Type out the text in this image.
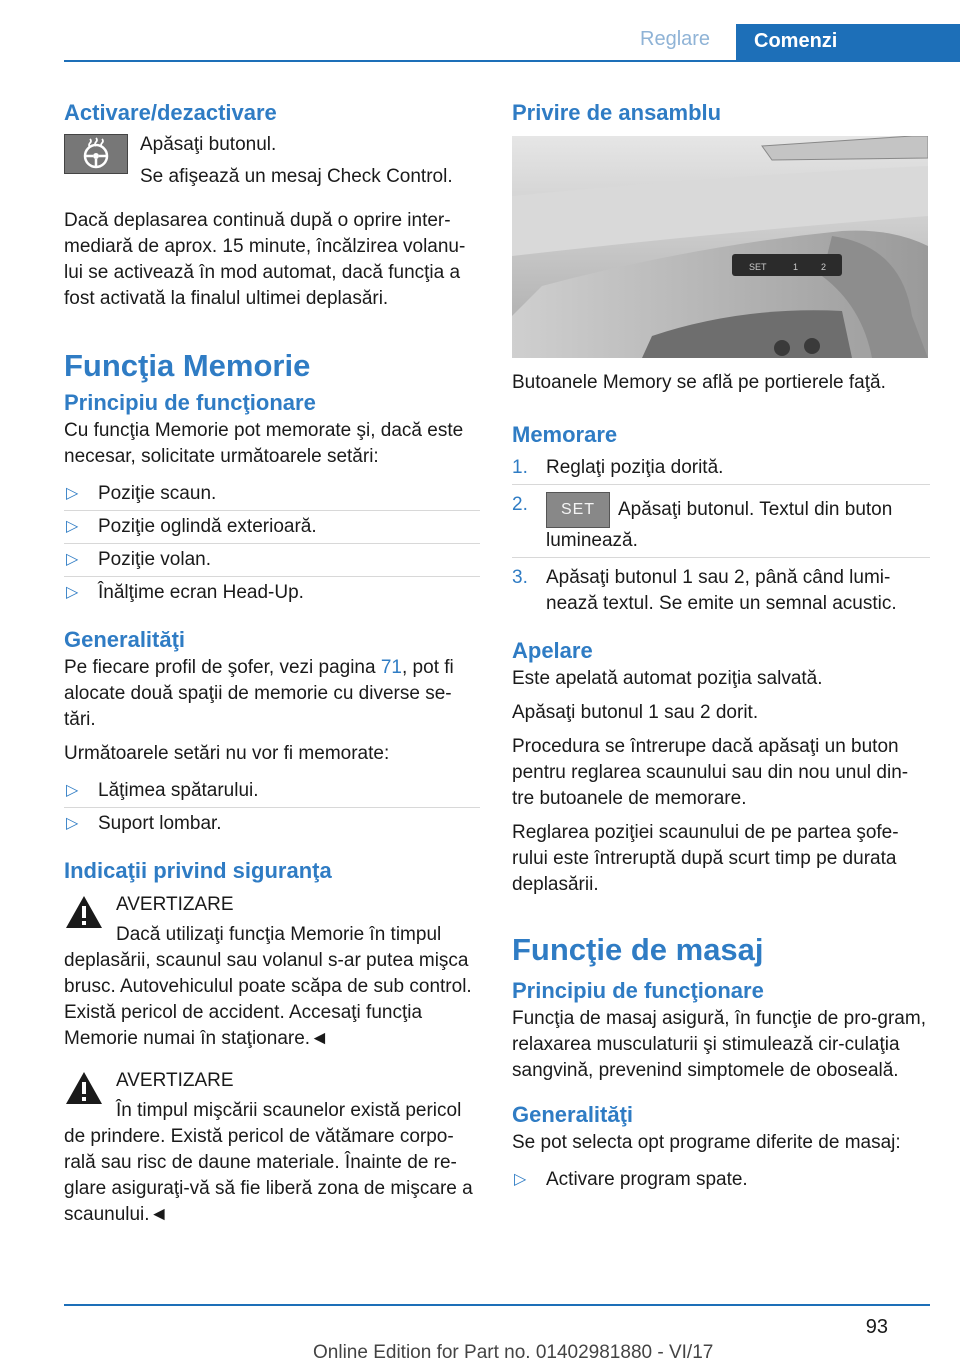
Reglare	Comenzi
Activare/dezactivare

Apăsaţi butonul.

Se afişează un mesaj Check Control.

Dacă deplasarea continuă după o oprire inter-mediară de aprox. 15 minute, încălzirea volanu-lui se activează în mod automat, dacă funcţia a fost activată la finalul ultimei deplasări.

Funcţia Memorie
Principiu de funcţionare

Cu funcţia Memorie pot memorate şi, dacă este necesar, solicitate următoarele setări:

▷ Poziţie scaun.
▷ Poziţie oglindă exterioară.
▷ Poziţie volan.
▷ Înălţime ecran Head-Up.
Generalităţi

Pe fiecare profil de şofer, vezi pagina 71, pot fi alocate două spaţii de memorie cu diverse se-tări.

Următoarele setări nu vor fi memorate:

▷ Lăţimea spătarului.
▷ Suport lombar.
Indicaţii privind siguranţa

AVERTIZARE

Dacă utilizaţi funcţia Memorie în timpul deplasării, scaunul sau volanul s-ar putea mişca brusc. Autovehiculul poate scăpa de sub control. Există pericol de accident. Accesaţi funcţia Memorie numai în staţionare.◄

AVERTIZARE

În timpul mişcării scaunelor există pericol de prindere. Există pericol de vătămare corpo-rală sau risc de daune materiale. Înainte de re-glare asiguraţi-vă să fie liberă zona de mişcare a scaunului.◄

Privire de ansamblu
SET	1	2

Butoanele Memory se află pe portierele faţă.

Memorare
1. Reglaţi poziţia dorită.
2. SET Apăsaţi butonul. Textul din buton luminează.
3. Apăsaţi butonul 1 sau 2, până când lumi-nează textul. Se emite un semnal acustic.
Apelare

Este apelată automat poziţia salvată.

Apăsaţi butonul 1 sau 2 dorit.

Procedura se întrerupe dacă apăsaţi un buton pentru reglarea scaunului sau din nou unul din-tre butoanele de memorare.

Reglarea poziţiei scaunului de pe partea şofe-rului este întreruptă după scurt timp pe durata deplasării.

Funcţie de masaj
Principiu de funcţionare

Funcţia de masaj asigură, în funcţie de pro-gram, relaxarea musculaturii şi stimulează cir-culaţia sangvină, prevenind simptomele de oboseală.

Generalităţi

Se pot selecta opt programe diferite de masaj:

▷ Activare program spate.
93
Online Edition for Part no. 01402981880 - VI/17
